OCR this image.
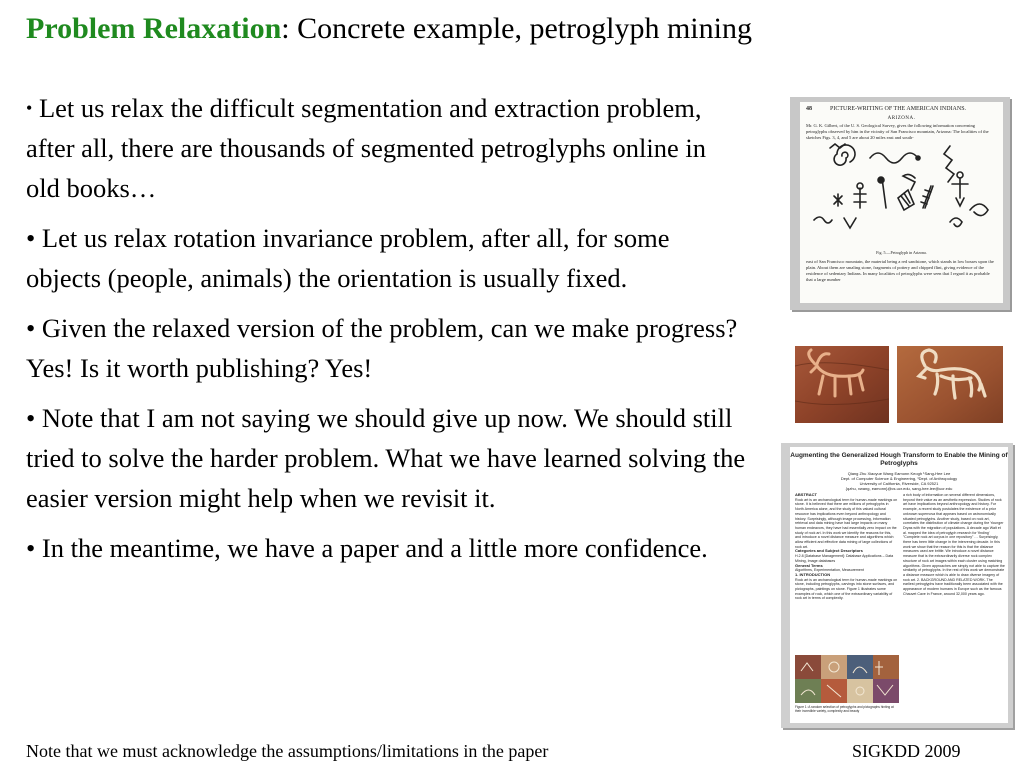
Problem Relaxation: Concrete example, petroglyph mining
• Let us relax the difficult segmentation and extraction problem, after all, there are thousands of segmented petroglyphs online in old books…
• Let us relax rotation invariance problem, after all, for some objects (people, animals) the orientation is usually fixed.
• Given the relaxed version of the problem, can we make progress? Yes! Is it worth publishing? Yes!
• Note that I am not saying we should give up now. We should still tried to solve the harder problem. What we have learned solving the easier version might help when we revisit it.
• In the meantime, we have a paper and a little more confidence.
48	PICTURE-WRITING OF THE AMERICAN INDIANS.
ARIZONA.
Mr. G. K. Gilbert, of the U. S. Geological Survey, gives the following information concerning petroglyphs observed by him in the vicinity of San Francisco mountain, Arizona: The localities of the sketches Figs. 3, 4, and 5 are about 20 miles east and south-
Fig. 5.—Petroglyph in Arizona.
east of San Francisco mountain, the material being a red sandstone, which stands in low bosses upon the plain. About them are smaling stone, fragments of pottery and chipped flint, giving evidence of the residence of sedentary Indians. In many localities of petroglyphs were seen that I regard it as probable that a large number
Augmenting the Generalized Hough Transform to Enable the Mining of Petroglyphs
Qiang Zhu Xiaoyue Wang Eamonn Keogh ¹Sang-Hee Lee
Dept. of Computer Science & Engineering, ¹Dept. of Anthropology
University of California, Riverside, CA 92521
{qzhu, xwang, eamonn}@cs.ucr.edu, sang-hee.lee@ucr.edu
ABSTRACT
Rock art is an archaeological term for human-made markings on stone. It is believed that there are millions of petroglyphs in North America alone, and the study of this valued cultural resource has implications even beyond anthropology and history. Surprisingly, although image processing, information retrieval and data mining have had large impacts on many human endeavors, they have had essentially zero impact on the study of rock art. In this work we identify the reasons for this, and introduce a novel distance measure and algorithms which allow efficient and effective data mining of large collections of rock art.
Categories and Subject Descriptors
H.2.8 [Database Management]: Database Applications – Data Mining, Image databases
General Terms
Algorithms, Experimentation, Measurement
1. INTRODUCTION
Rock art is an archaeological term for human-made markings on stone, including petroglyphs, carvings into stone surfaces, and pictographs, paintings on stone. Figure 1 illustrates some examples of rock, which one of the extraordinary variability of rock art in terms of complexity.
Figure 1: A random selection of petroglyphs and pictographs hinting at their incredible variety, complexity and beauty
a rich body of information on several different dimensions, beyond their value as an aesthetic expression. Studies of rock art have implications beyond anthropology and history. For example, a recent study postulates the existence of a prior unknown supernova that appears based on astronomically situated petroglyphs. Another study, based on rock art, correlates the distribution of climate change during the Younger Dryas with the migration of populations. A decade ago Walt et al. mapped the idea of petroglyph research for 'finding' "Complete rock art corpus in one repository" … Surprisingly, there has been little change in the intervening decade. In this work we show that the reason for this is that the distance measures used are brittle. We introduce a novel distance measure that is the extraordinarily diverse rock complex structure of rock art images within each cluster using matching algorithms. Given approaches are simply not able to capture the similarity of petroglyphs. In the rest of this work we demonstrate a distance measure which is able to draw diverse imagery of rock art. 2. BACKGROUND AND RELATED WORK. The earliest petroglyphs have traditionally been associated with the appearance of modern humans in Europe such as the famous Chauvet Cave in France, around 32,000 years ago.
Note that we must acknowledge the assumptions/limitations in the paper	SIGKDD 2009
